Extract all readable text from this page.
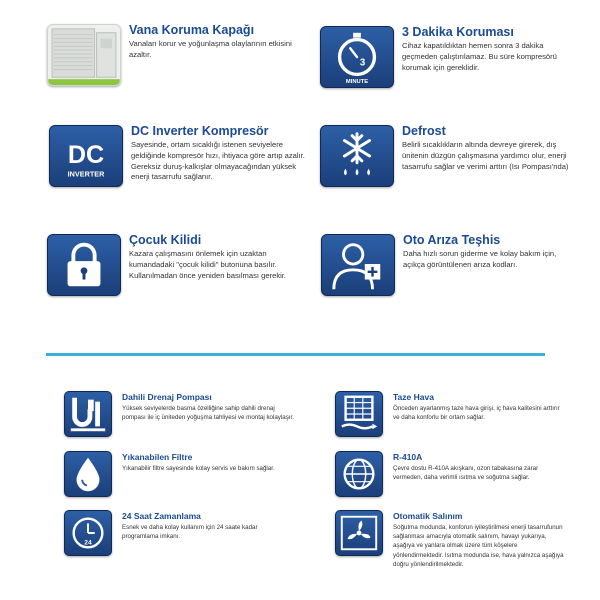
Vana Koruma Kapağı
Vanaları korur ve yoğunlaşma olaylarının etkisini azaltır.
3
MINUTE
3 Dakika Koruması
Cihaz kapatıldıktan hemen sonra 3 dakika geçmeden çalıştırılamaz. Bu süre kompresörü korumak için gereklidir.
DC
INVERTER
DC Inverter Kompresör
Sayesinde, ortam sıcaklığı istenen seviyelere geldiğinde kompresör hızı, ihtiyaca göre artıp azalır. Gereksiz duruş-kalkışlar olmayacağından yüksek enerji tasarrufu sağlanır.
Defrost
Belirli sıcaklıkların altında devreye girerek, dış ünitenin düzgün çalışmasına yardımcı olur, enerji tasarrufu sağlar ve verimi arttırı (Isı Pompası'nda)
Çocuk Kilidi
Kazara çalışmasını önlemek için uzaktan kumandadaki "çocuk kilidi" butonuna basılır. Kullanılmadan önce yeniden basılması gerekir.
Oto Arıza Teşhis
Daha hızlı sorun giderme ve kolay bakım için, açıkça görüntülenen arıza kodları.
Dahili Drenaj Pompası
Yüksek seviyelerde basma özelliğine sahip dahili drenaj pompası ile iç üniteden yoğuşma tahliyesi ve montaj kolaylaşır.
Taze Hava
Önceden ayarlanmış taze hava girişi, iç hava kalitesini arttırır ve daha konforlu bir ortam sağlar.
Yıkanabilen Filtre
Yıkanabilir filtre sayesinde kolay servis ve bakım sağlar.
R-410A
Çevre dostu R-410A akışkanı, ozon tabakasına zarar vermeden, daha verimli ısıtma ve soğutma sağlar.
24
24 Saat Zamanlama
Esnek ve daha kolay kullanım için 24 saate kadar programlama imkanı.
Otomatik Salınım
Soğutma modunda, konforun iyileştirilmesi enerji tasarrufunun sağlanması amacıyla otomatik salınım, havayı yukarıya, aşağıya ve yanlara olmak üzere tüm köşelere yönlendirmektedir. Isıtma modunda ise, hava yalnızca aşağıya doğru yönlendirilmektedir.
